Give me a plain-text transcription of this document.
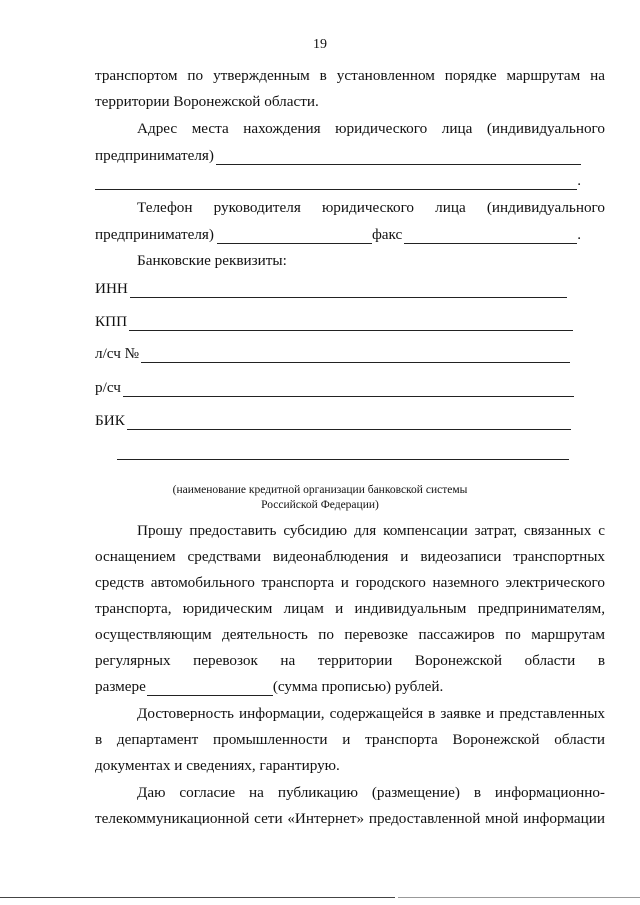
19
транспортом по утвержденным в установленном порядке маршрутам на
территории Воронежской области.
Адрес места нахождения юридического лица (индивидуального
предпринимателя)
.
Телефон руководителя юридического лица (индивидуального
предпринимателя)	факс	.
Банковские реквизиты:
ИНН
КПП
л/сч №
р/сч
БИК
(наименование кредитной организации банковской системы
Российской Федерации)
Прошу предоставить субсидию для компенсации затрат, связанных с
оснащением средствами видеонаблюдения и видеозаписи транспортных
средств автомобильного транспорта и городского наземного электрического
транспорта, юридическим лицам и индивидуальным предпринимателям,
осуществляющим деятельность по перевозке пассажиров по маршрутам
регулярных перевозок на территории Воронежской области в
размере	(сумма прописью) рублей.
Достоверность информации, содержащейся в заявке и представленных
в департамент промышленности и транспорта Воронежской области
документах и сведениях, гарантирую.
Даю согласие на публикацию (размещение) в информационно-
телекоммуникационной сети «Интернет» предоставленной мной информации
